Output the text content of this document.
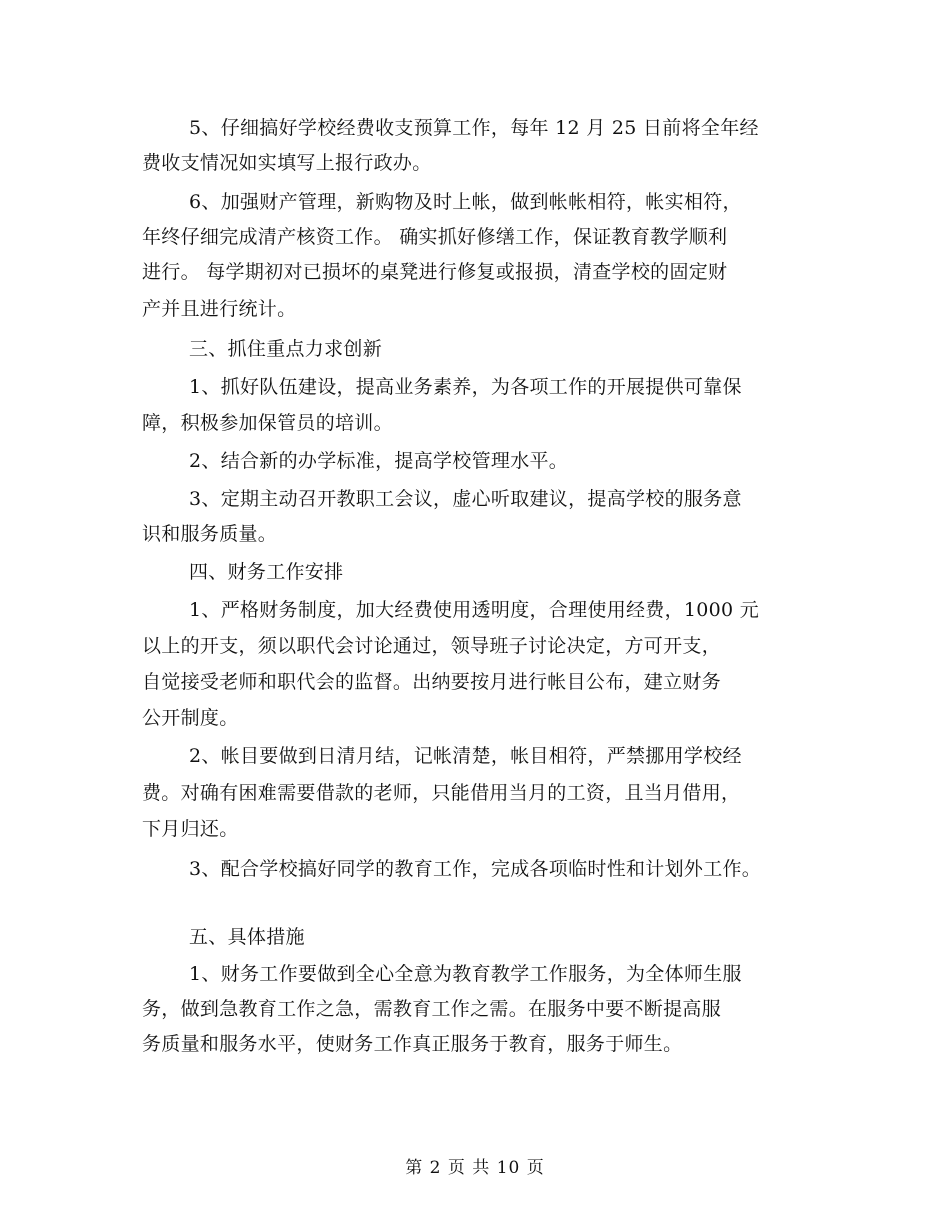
5、仔细搞好学校经费收支预算工作，每年 12 月 25 日前将全年经
费收支情况如实填写上报行政办。
6、加强财产管理，新购物及时上帐，做到帐帐相符，帐实相符，
年终仔细完成清产核资工作。 确实抓好修缮工作，保证教育教学顺利
进行。 每学期初对已损坏的桌凳进行修复或报损，清查学校的固定财
产并且进行统计。
三、抓住重点力求创新
1、抓好队伍建设，提高业务素养，为各项工作的开展提供可靠保
障，积极参加保管员的培训。
2、结合新的办学标准，提高学校管理水平。
3、定期主动召开教职工会议，虚心听取建议，提高学校的服务意
识和服务质量。
四、财务工作安排
1、严格财务制度，加大经费使用透明度，合理使用经费，1000 元
以上的开支，须以职代会讨论通过，领导班子讨论决定，方可开支，
自觉接受老师和职代会的监督。出纳要按月进行帐目公布，建立财务
公开制度。
2、帐目要做到日清月结，记帐清楚，帐目相符，严禁挪用学校经
费。对确有困难需要借款的老师，只能借用当月的工资，且当月借用，
下月归还。
3、配合学校搞好同学的教育工作，完成各项临时性和计划外工作。
五、具体措施
1、财务工作要做到全心全意为教育教学工作服务，为全体师生服
务，做到急教育工作之急，需教育工作之需。在服务中要不断提高服
务质量和服务水平，使财务工作真正服务于教育，服务于师生。
第 2 页 共 10 页
